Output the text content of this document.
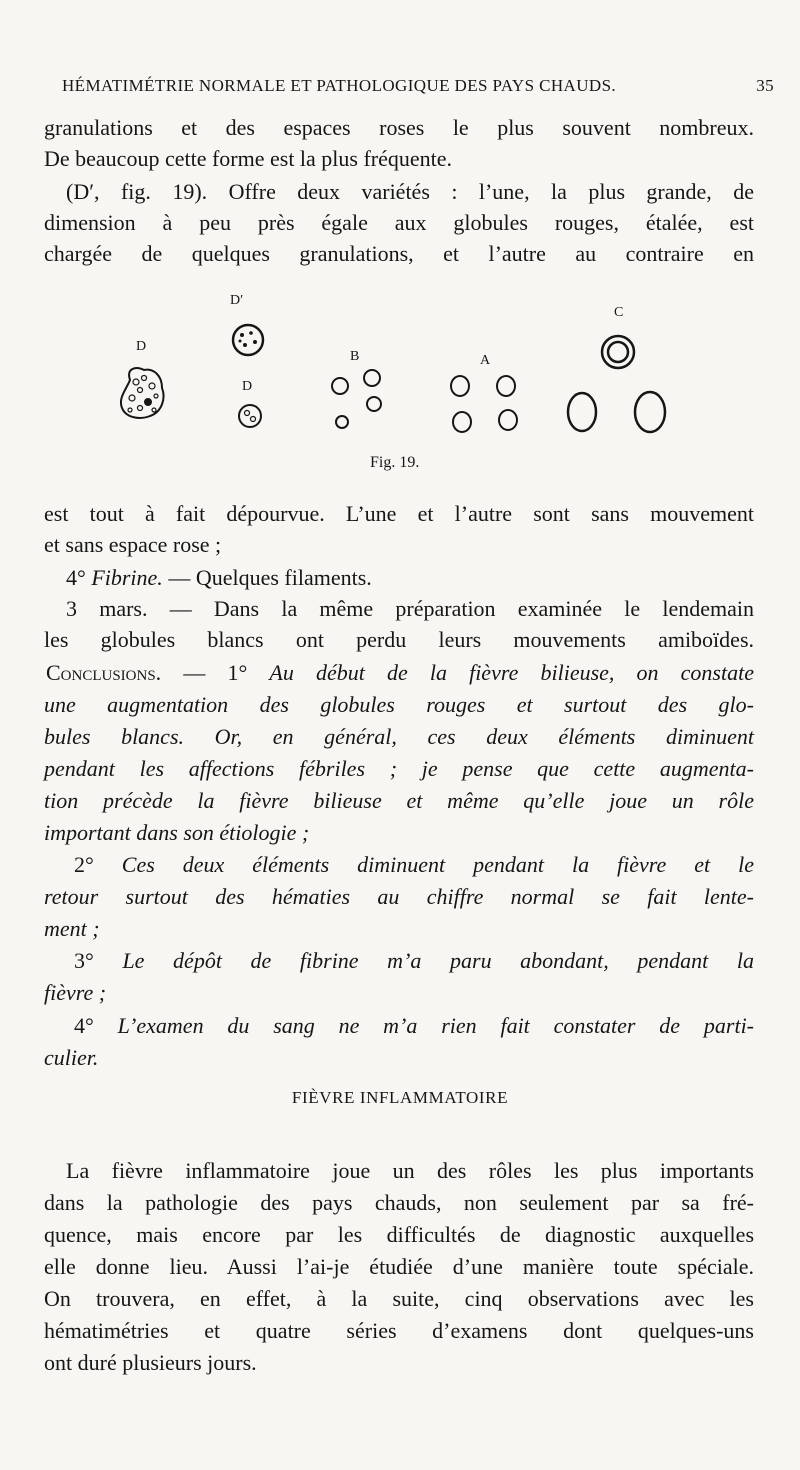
HÉMATIMÉTRIE NORMALE ET PATHOLOGIQUE DES PAYS CHAUDS.	35
granulations et des espaces roses le plus souvent nombreux.
De beaucoup cette forme est la plus fréquente.
(D′, fig. 19). Offre deux variétés : l’une, la plus grande, de
dimension à peu près égale aux globules rouges, étalée, est
chargée de quelques granulations, et l’autre au contraire en
D′
C
D
B	A
D
Fig. 19.
est tout à fait dépourvue. L’une et l’autre sont sans mouvement
et sans espace rose ;
4° Fibrine. — Quelques filaments.
3 mars. — Dans la même préparation examinée le lendemain
les globules blancs ont perdu leurs mouvements amiboïdes.
Conclusions. — 1° Au début de la fièvre bilieuse, on constate
une augmentation des globules rouges et surtout des glo-
bules blancs. Or, en général, ces deux éléments diminuent
pendant les affections fébriles ; je pense que cette augmenta-
tion précède la fièvre bilieuse et même qu’elle joue un rôle
important dans son étiologie ;
2° Ces deux éléments diminuent pendant la fièvre et le
retour surtout des hématies au chiffre normal se fait lente-
ment ;
3° Le dépôt de fibrine m’a paru abondant, pendant la
fièvre ;
4° L’examen du sang ne m’a rien fait constater de parti-
culier.
FIÈVRE INFLAMMATOIRE
La fièvre inflammatoire joue un des rôles les plus importants
dans la pathologie des pays chauds, non seulement par sa fré-
quence, mais encore par les difficultés de diagnostic auxquelles
elle donne lieu. Aussi l’ai-je étudiée d’une manière toute spéciale.
On trouvera, en effet, à la suite, cinq observations avec les
hématimétries et quatre séries d’examens dont quelques-uns
ont duré plusieurs jours.
